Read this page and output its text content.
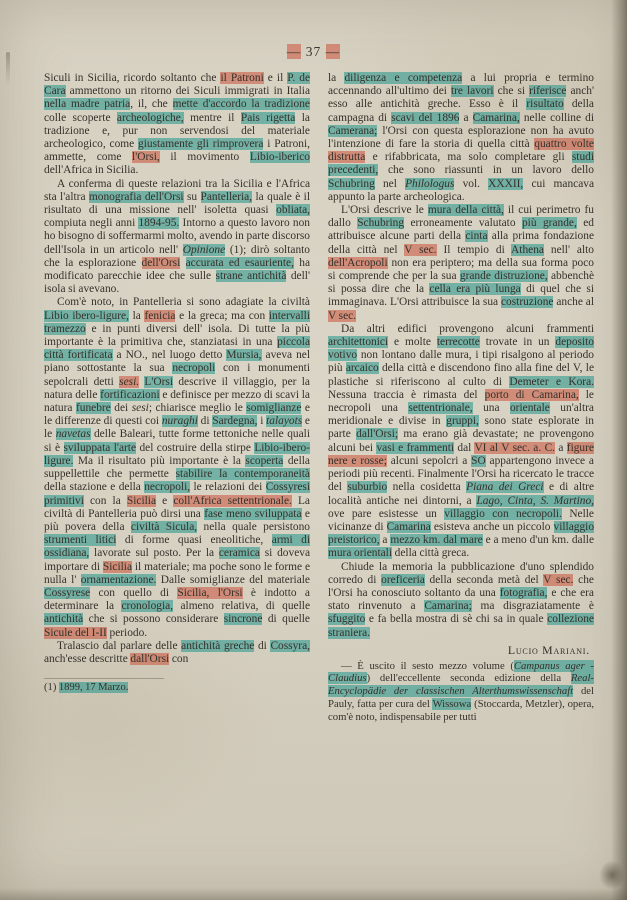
— 37 —

Siculi in Sicilia, ricordo soltanto che il Patroni e il P. de Cara ammettono un ritorno dei Siculi immigrati in Italia nella madre patria, il, che mette d'accordo la tradizione colle scoperte archeologiche, mentre il Pais rigetta la tradizione e, pur non servendosi del materiale archeologico, come giustamente gli rimprovera i Patroni, ammette, come l'Orsi, il movimento Libio-iberico dell'Africa in Sicilia.

A conferma di queste relazioni tra la Sicilia e l'Africa sta l'altra monografia dell'Orsi su Pantelleria, la quale è il risultato di una missione nell' isoletta quasi obliata, compiuta negli anni 1894-95. Intorno a questo lavoro non ho bisogno di soffermarmi molto, avendo in parte discorso dell'Isola in un articolo nell' Opinione (1); dirò soltanto che la esplorazione dell'Orsi accurata ed esauriente, ha modificato parecchie idee che sulle strane antichità dell' isola si avevano.

Com'è noto, in Pantelleria si sono adagiate la civiltà Libio ibero-ligure, la fenicia e la greca; ma con intervalli tramezzo e in punti diversi dell' isola. Di tutte la più importante è la primitiva che, stanziatasi in una piccola città fortificata a NO., nel luogo detto Mursia, aveva nel piano sottostante la sua necropoli con i monumenti sepolcrali detti sesi. L'Orsi descrive il villaggio, per la natura delle fortificazioni e definisce per mezzo di scavi la natura funebre dei sesi; chiarisce meglio le somiglianze e le differenze di questi coi nuraghi di Sardegna, i talayots e le navetas delle Baleari, tutte forme tettoniche nelle quali si è sviluppata l'arte del costruire della stirpe Libio-ibero-ligure. Ma il risultato più importante è la scoperta della suppellettile che permette stabilire la contemporaneità della stazione e della necropoli, le relazioni dei Cossyresi primitivi con la Sicilia e coll'Africa settentrionale. La civiltà di Pantelleria può dirsi una fase meno sviluppata e più povera della civiltà Sicula, nella quale persistono strumenti litici di forme quasi eneolitiche, armi di ossidiana, lavorate sul posto. Per la ceramica si doveva importare di Sicilia il materiale; ma poche sono le forme e nulla l' ornamentazione. Dalle somiglianze del materiale Cossyrese con quello di Sicilia, l'Orsi è indotto a determinare la cronologia, almeno relativa, di quelle antichità che si possono considerare sincrone di quelle Sicule del I-II periodo.

Tralascio dal parlare delle antichità greche di Cossyra, anch'esse descritte dall'Orsi con

(1) 1899, 17 Marzo.

la diligenza e competenza a lui propria e termino accennando all'ultimo dei tre lavori che si riferisce anch' esso alle antichità greche. Esso è il risultato della campagna di scavi del 1896 a Camarina, nelle colline di Camerana; l'Orsi con questa esplorazione non ha avuto l'intenzione di fare la storia di quella città quattro volte distrutta e rifabbricata, ma solo completare gli studi precedenti, che sono riassunti in un lavoro dello Schubring nel Philologus vol. XXXII, cui mancava appunto la parte archeologica.

L'Orsi descrive le mura della città, il cui perimetro fu dallo Schubring erroneamente valutato più grande, ed attribuisce alcune parti della cinta alla prima fondazione della città nel V sec. Il tempio di Athena nell' alto dell'Acropoli non era periptero; ma della sua forma poco si comprende che per la sua grande distruzione, abbenchè si possa dire che la cella era più lunga di quel che si immaginava. L'Orsi attribuisce la sua costruzione anche al V sec.

Da altri edifici provengono alcuni frammenti architettonici e molte terrecotte trovate in un deposito votivo non lontano dalle mura, i tipi risalgono al periodo più arcaico della città e discendono fino alla fine del V, le plastiche si riferiscono al culto di Demeter e Kora. Nessuna traccia è rimasta del porto di Camarina, le necropoli una settentrionale, una orientale un'altra meridionale e divise in gruppi, sono state esplorate in parte dall'Orsi; ma erano già devastate; ne provengono alcuni bei vasi e frammenti dal VI al V sec. a. C. a figure nere e rosse; alcuni sepolcri a SO appartengono invece a periodi più recenti. Finalmente l'Orsi ha ricercato le tracce del suburbio nella cosidetta Piana dei Greci e di altre località antiche nei dintorni, a Lago, Cinta, S. Martino, ove pare esistesse un villaggio con necropoli. Nelle vicinanze di Camarina esisteva anche un piccolo villaggio preistorico, a mezzo km. dal mare e a meno d'un km. dalle mura orientali della città greca.

Chiude la memoria la pubblicazione d'uno splendido corredo di oreficeria della seconda metà del V sec. che l'Orsi ha conosciuto soltanto da una fotografia, e che era stato rinvenuto a Camarina; ma disgraziatamente è sfuggito e fa bella mostra di sè chi sa in quale collezione straniera.

Lucio Mariani.

— È uscito il sesto mezzo volume (Campanus ager - Claudius) dell'eccellente seconda edizione della Real-Encyclopädie der classischen Alterthumswissenschaft del Pauly, fatta per cura del Wissowa (Stoccarda, Metzler), opera, com'è noto, indispensabile per tutti
